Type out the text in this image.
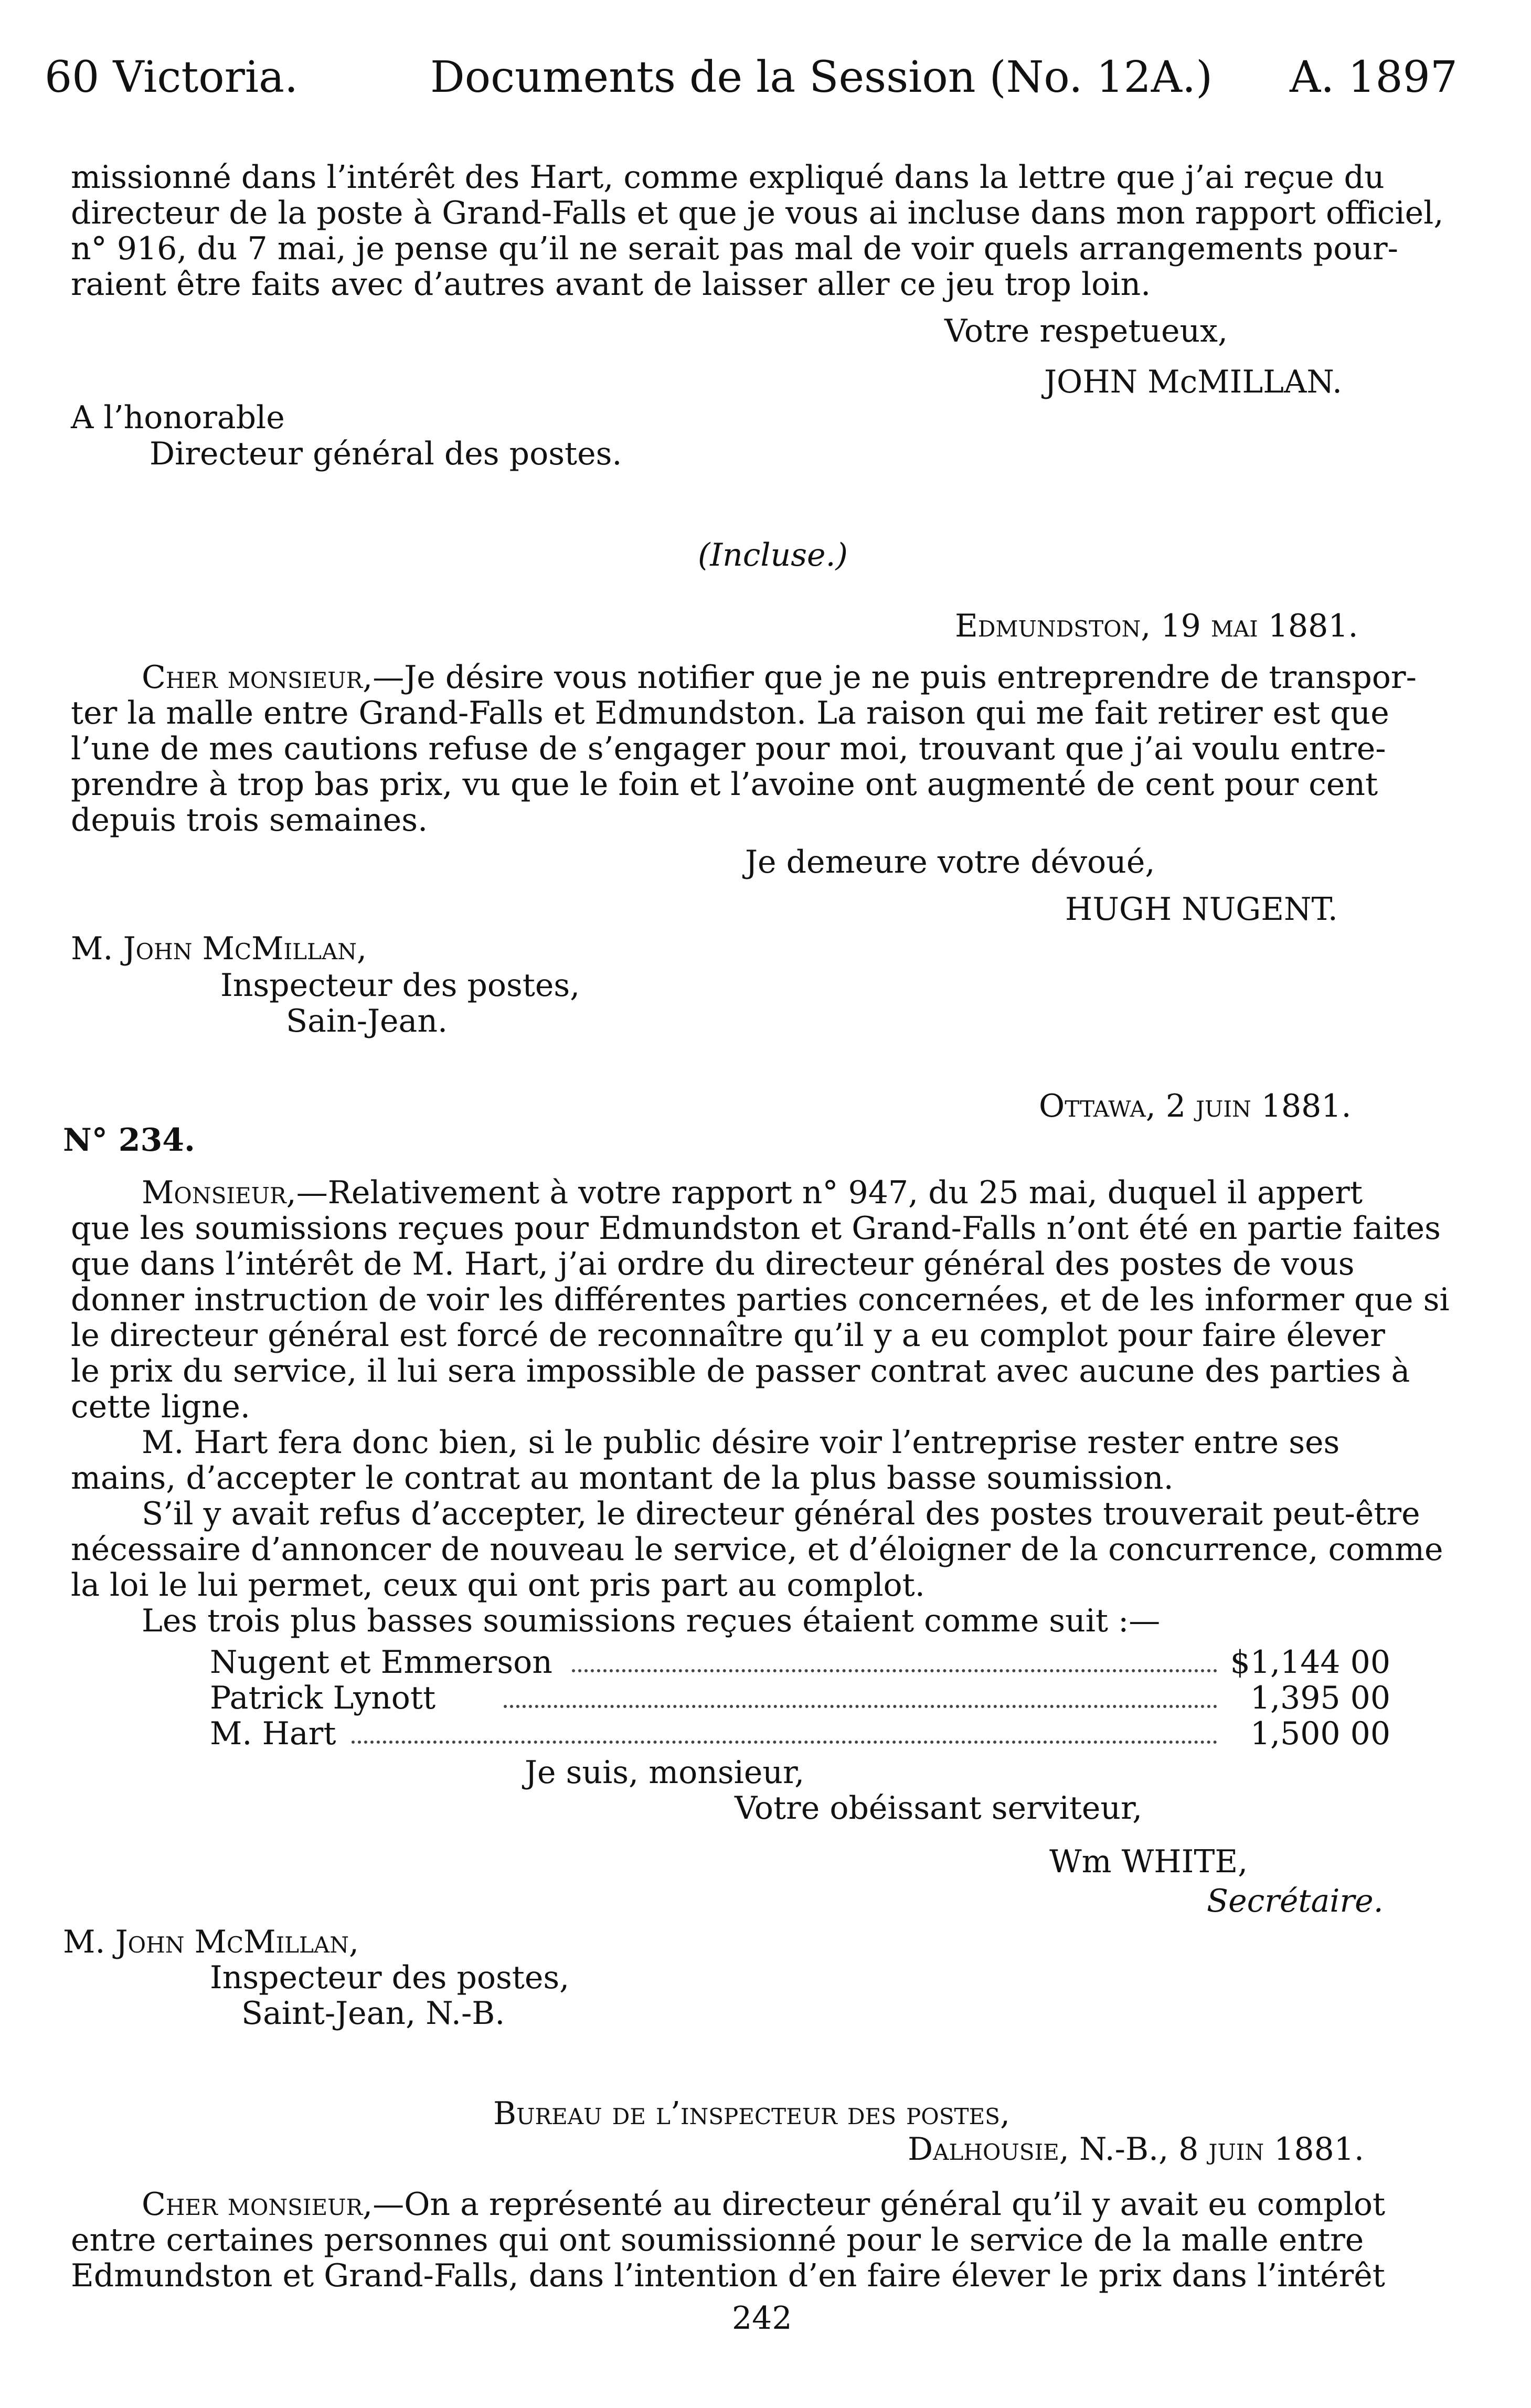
60 Victoria.	Documents de la Session (No. 12A.) A. 1897
missionné dans l’intérêt des Hart, comme expliqué dans la lettre que j’ai reçue du
directeur de la poste à Grand-Falls et que je vous ai incluse dans mon rapport officiel,
n° 916, du 7 mai, je pense qu’il ne serait pas mal de voir quels arrangements pour-
raient être faits avec d’autres avant de laisser aller ce jeu trop loin.
Votre respetueux,
JOHN McMILLAN.
A l’honorable
Directeur général des postes.
(Incluse.)
Edmundston, 19 mai 1881.
Cher monsieur,—Je désire vous notifier que je ne puis entreprendre de transpor-
ter la malle entre Grand-Falls et Edmundston. La raison qui me fait retirer est que
l’une de mes cautions refuse de s’engager pour moi, trouvant que j’ai voulu entre-
prendre à trop bas prix, vu que le foin et l’avoine ont augmenté de cent pour cent
depuis trois semaines.
Je demeure votre dévoué,
HUGH NUGENT.
M. John McMillan,
Inspecteur des postes,
Sain-Jean.
Ottawa, 2 juin 1881.
N° 234.
Monsieur,—Relativement à votre rapport n° 947, du 25 mai, duquel il appert
que les soumissions reçues pour Edmundston et Grand-Falls n’ont été en partie faites
que dans l’intérêt de M. Hart, j’ai ordre du directeur général des postes de vous
donner instruction de voir les différentes parties concernées, et de les informer que si
le directeur général est forcé de reconnaître qu’il y a eu complot pour faire élever
le prix du service, il lui sera impossible de passer contrat avec aucune des parties à
cette ligne.
M. Hart fera donc bien, si le public désire voir l’entreprise rester entre ses
mains, d’accepter le contrat au montant de la plus basse soumission.
S’il y avait refus d’accepter, le directeur général des postes trouverait peut-être
nécessaire d’annoncer de nouveau le service, et d’éloigner de la concurrence, comme
la loi le lui permet, ceux qui ont pris part au complot.
Les trois plus basses soumissions reçues étaient comme suit :—
Nugent et Emmerson	$1,144 00
Patrick Lynott	1,395 00
M. Hart	1,500 00
Je suis, monsieur,
Votre obéissant serviteur,
Wm WHITE,
Secrétaire.
M. John McMillan,
Inspecteur des postes,
Saint-Jean, N.-B.
Bureau de l’inspecteur des postes,
Dalhousie, N.-B., 8 juin 1881.
Cher monsieur,—On a représenté au directeur général qu’il y avait eu complot
entre certaines personnes qui ont soumissionné pour le service de la malle entre
Edmundston et Grand-Falls, dans l’intention d’en faire élever le prix dans l’intérêt
242
